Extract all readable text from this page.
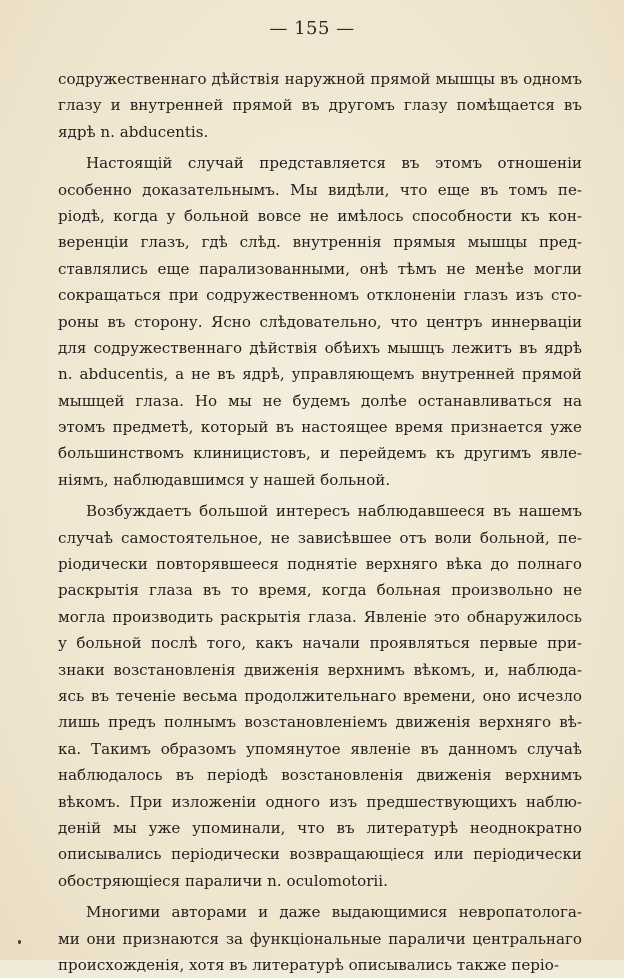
— 155 —
содружественнаго дѣйствія наружной прямой мышцы въ одномъ
глазу и внутренней прямой въ другомъ глазу помѣщается въ
ядрѣ n. abducentis.
Настоящій случай представляется въ этомъ отношеніи
особенно доказательнымъ. Мы видѣли, что еще въ томъ пе-
ріодѣ, когда у больной вовсе не имѣлось способности къ кон-
веренціи глазъ, гдѣ слѣд. внутреннія прямыя мышцы пред-
ставлялись еще парализованными, онѣ тѣмъ не менѣе могли
сокращаться при содружественномъ отклоненіи глазъ изъ сто-
роны въ сторону. Ясно слѣдовательно, что центръ иннерваціи
для содружественнаго дѣйствія обѣихъ мышцъ лежитъ въ ядрѣ
n. abducentis, а не въ ядрѣ, управляющемъ внутренней прямой
мышцей глаза. Но мы не будемъ долѣе останавливаться на
этомъ предметѣ, который въ настоящее время признается уже
большинствомъ клиницистовъ, и перейдемъ къ другимъ явле-
ніямъ, наблюдавшимся у нашей больной.
Возбуждаетъ большой интересъ наблюдавшееся въ нашемъ
случаѣ самостоятельное, не зависѣвшее отъ воли больной, пе-
ріодически повторявшееся поднятіе верхняго вѣка до полнаго
раскрытія глаза въ то время, когда больная произвольно не
могла производить раскрытія глаза. Явленіе это обнаружилось
у больной послѣ того, какъ начали проявляться первые при-
знаки возстановленія движенія верхнимъ вѣкомъ, и, наблюда-
ясь въ теченіе весьма продолжительнаго времени, оно исчезло
лишь предъ полнымъ возстановленіемъ движенія верхняго вѣ-
ка. Такимъ образомъ упомянутое явленіе въ данномъ случаѣ
наблюдалось въ періодѣ возстановленія движенія верхнимъ
вѣкомъ. При изложеніи одного изъ предшествующихъ наблю-
деній мы уже упоминали, что въ литературѣ неоднократно
описывались періодически возвращающіеся или періодически
обостряющіеся параличи n. oculomotorii.
Многими авторами и даже выдающимися невропатолога-
ми они признаются за функціональные параличи центральнаго
происхожденія, хотя въ литературѣ описывались также періо-
